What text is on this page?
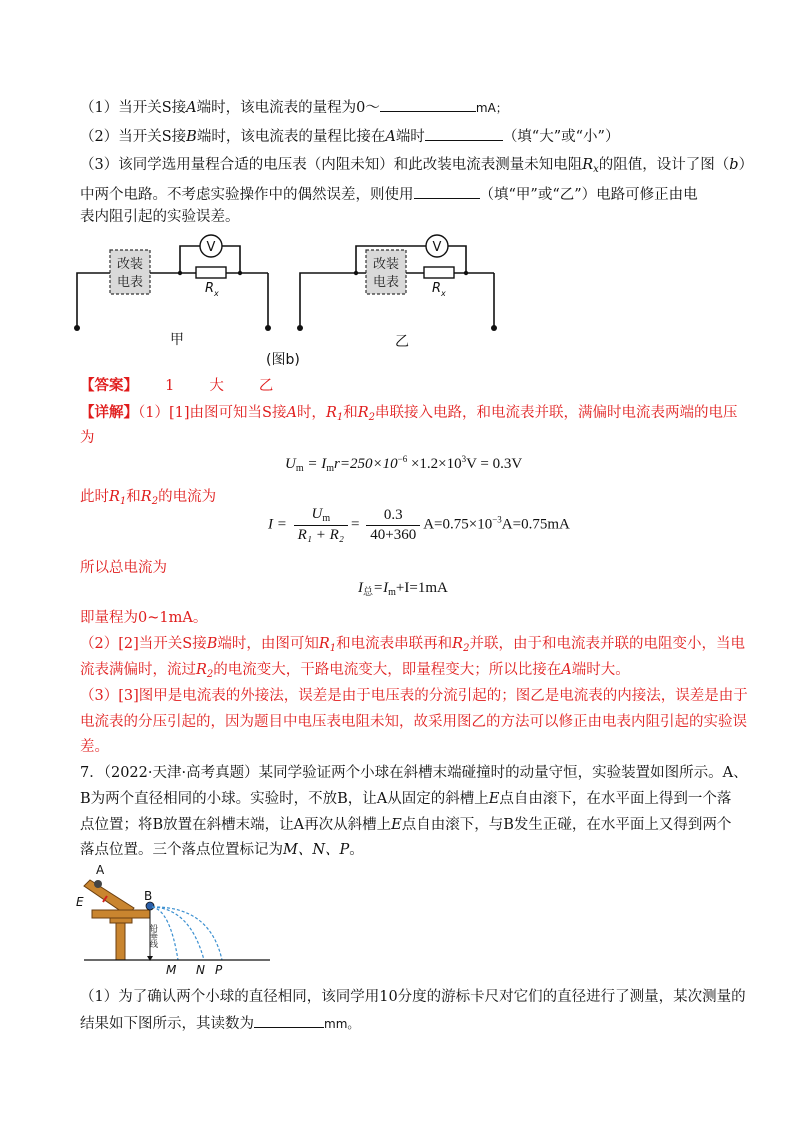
（1）当开关S接A端时，该电流表的量程为0～	mA；
（2）当开关S接B端时，该电流表的量程比接在A端时	（填“大”或“小”）
（3）该同学选用量程合适的电压表（内阻未知）和此改装电流表测量未知电阻$R_x$的阻值，设计了图（b）
中两个电路。不考虑实验操作中的偶然误差，则使用	（填“甲”或“乙”）电路可修正由电
表内阻引起的实验误差。
改装
电表
V
R x
甲
改装
电表
V
R x
乙
(图b)
【答案】 1 大 乙
【详解】（1）[1]由图可知当S接A时，$R_1$和$R_2$串联接入电路，和电流表并联，满偏时电流表两端的电压
为
$U_m = I_mr=250\times 10^{-6} \times 1.2\times 10^3V = 0.3V$
此时$R_1$和$R_2$的电流为
$I = \frac{U_m}{\text{R₁ + R₂}} = \frac{0.3}{40+360} A=0.75\times 10^{-3}A=0.75mA$
所以总电流为
$I_总=I_m+I=1mA$
即量程为0~1mA。
（2）[2]当开关S接B端时，由图可知$R_1$和电流表串联再和$R_2$并联，由于和电流表并联的电阻变小，当电
流表满偏时，流过$R_2$的电流变大，干路电流变大，即量程变大；所以比接在A端时大。
（3）[3]图甲是电流表的外接法，误差是由于电压表的分流引起的；图乙是电流表的内接法，误差是由于
电流表的分压引起的，因为题目中电压表电阻未知，故采用图乙的方法可以修正由电表内阻引起的实验误
差。
7．（2022·天津·高考真题）某同学验证两个小球在斜槽末端碰撞时的动量守恒，实验装置如图所示。A、
B为两个直径相同的小球。实验时，不放B，让A从固定的斜槽上E点自由滚下，在水平面上得到一个落
点位置；将B放置在斜槽末端，让A再次从斜槽上E点自由滚下，与B发生正碰，在水平面上又得到两个
落点位置。三个落点位置标记为M、N、P。
A
B
E
铅垂线
M N P
（1）为了确认两个小球的直径相同，该同学用10分度的游标卡尺对它们的直径进行了测量，某次测量的
结果如下图所示，其读数为	mm。
